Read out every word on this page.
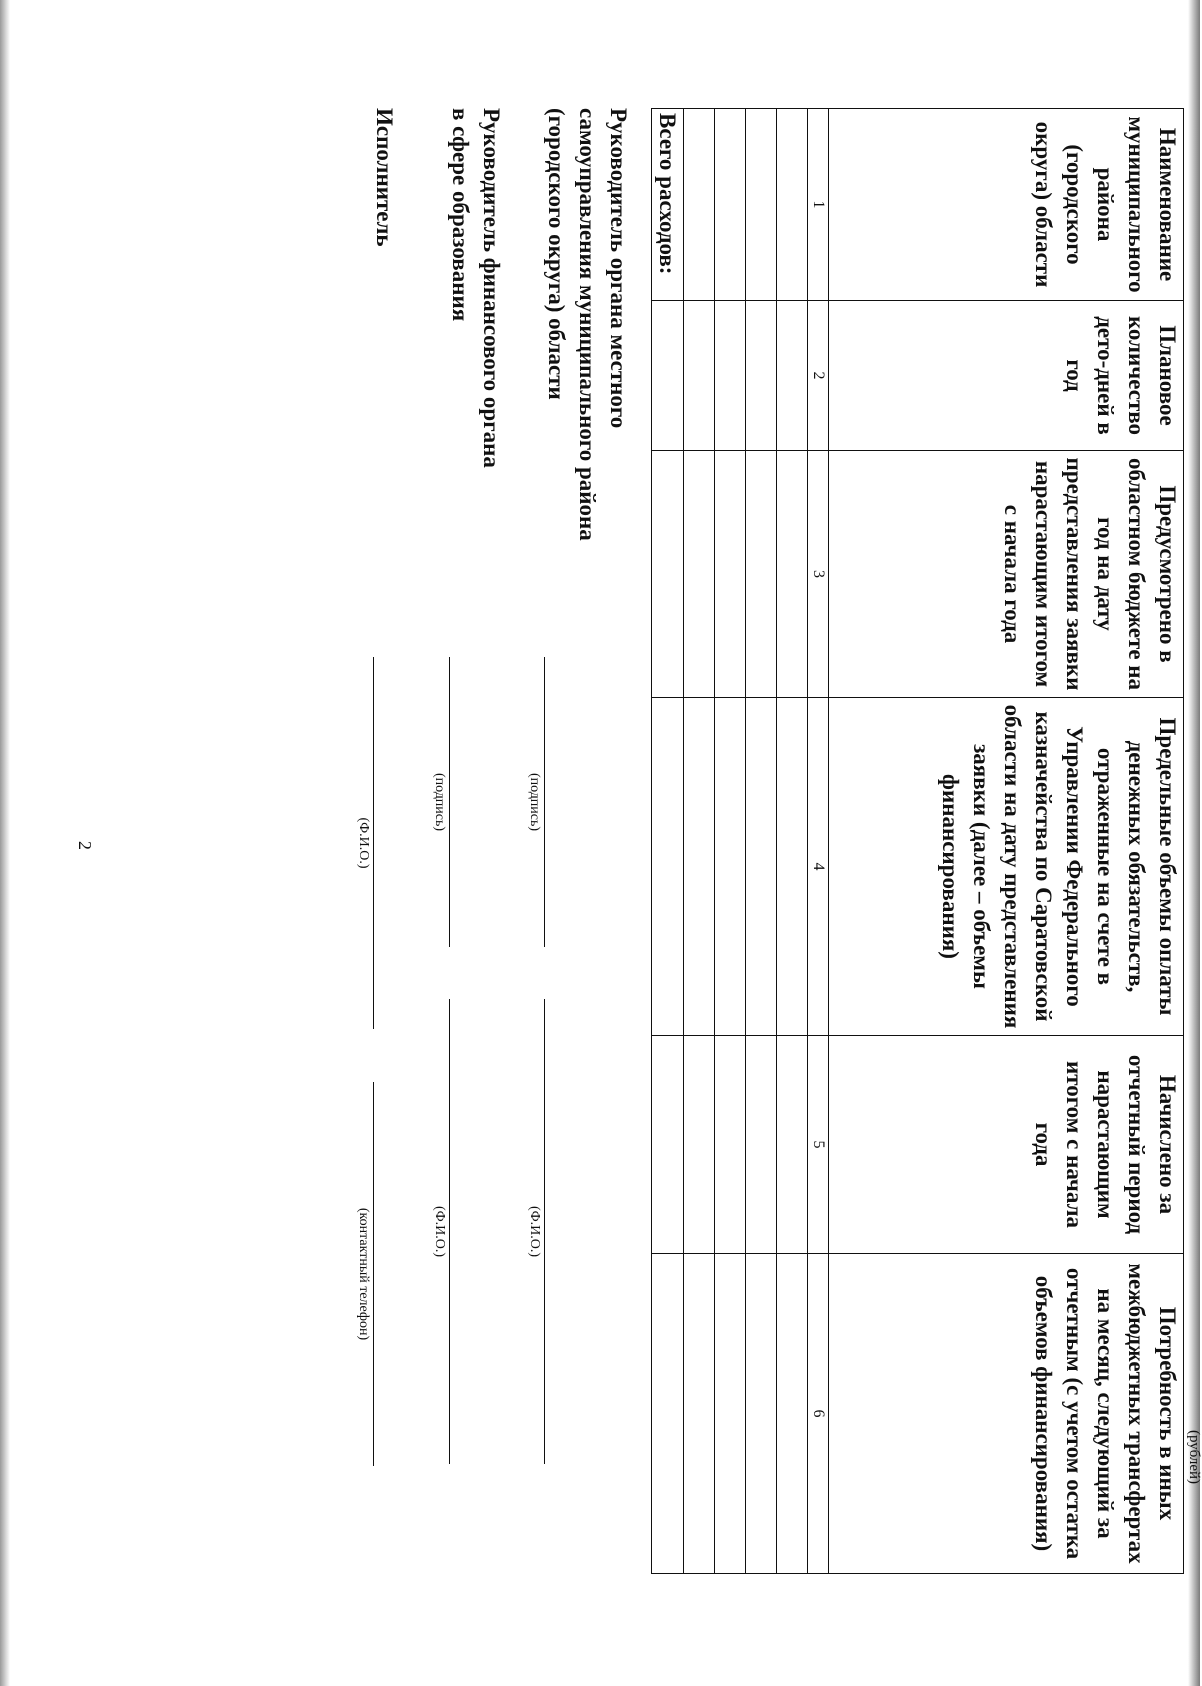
2
(рублей)
Наименование муниципального района (городского округа) области	Плановое количество дето-дней в год	Предусмотрено в областном бюджете на год на дату представления заявки нарастающим итогом с начала года	Предельные объемы оплаты денежных обязательств, отраженные на счете в Управлении Федерального казначейства по Саратовской области на дату представления заявки (далее – объемы финансирования)	Начислено за отчетный период нарастающим итогом с начала года	Потребность в иных межбюджетных трансфертах на месяц, следующий за отчетным (с учетом остатка объемов финансирования)
1	2	3	4	5	6

Всего расходов:					
Руководитель органа местного
самоуправления муниципального района
(городского округа) области
(подпись)
(Ф.И.О.)
Руководитель финансового органа
в сфере образования
(подпись)
(Ф.И.О.)
Исполнитель
(Ф.И.О.)
(контактный телефон)
